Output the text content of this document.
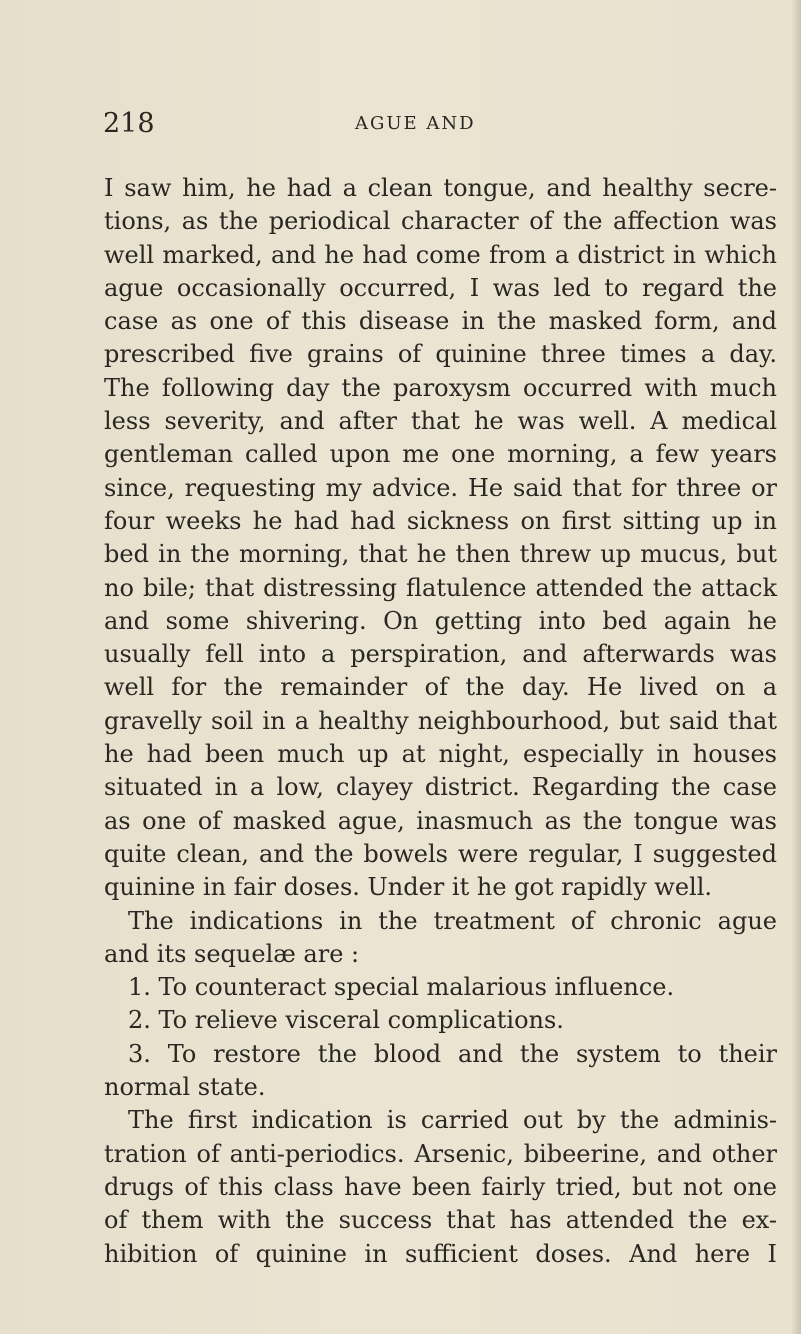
218	AGUE AND
I saw him, he had a clean tongue, and healthy secre-
tions, as the periodical character of the affection was
well marked, and he had come from a district in which
ague occasionally occurred, I was led to regard the
case as one of this disease in the masked form, and
prescribed five grains of quinine three times a day.
The following day the paroxysm occurred with much
less severity, and after that he was well. A medical
gentleman called upon me one morning, a few years
since, requesting my advice. He said that for three or
four weeks he had had sickness on first sitting up in
bed in the morning, that he then threw up mucus, but
no bile; that distressing flatulence attended the attack
and some shivering. On getting into bed again he
usually fell into a perspiration, and afterwards was
well for the remainder of the day. He lived on a
gravelly soil in a healthy neighbourhood, but said that
he had been much up at night, especially in houses
situated in a low, clayey district. Regarding the case
as one of masked ague, inasmuch as the tongue was
quite clean, and the bowels were regular, I suggested
quinine in fair doses. Under it he got rapidly well.
The indications in the treatment of chronic ague
and its sequelæ are :
1. To counteract special malarious influence.
2. To relieve visceral complications.
3. To restore the blood and the system to their
normal state.
The first indication is carried out by the adminis-
tration of anti-periodics. Arsenic, bibeerine, and other
drugs of this class have been fairly tried, but not one
of them with the success that has attended the ex-
hibition of quinine in sufficient doses. And here I
